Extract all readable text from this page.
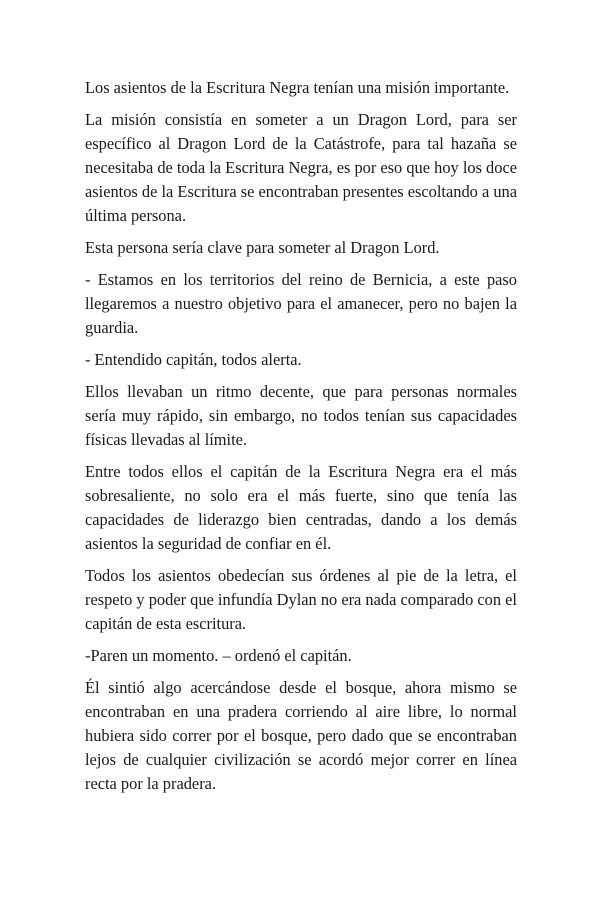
Los asientos de la Escritura Negra tenían una misión importante.

La misión consistía en someter a un Dragon Lord, para ser específico al Dragon Lord de la Catástrofe, para tal hazaña se necesitaba de toda la Escritura Negra, es por eso que hoy los doce asientos de la Escritura se encontraban presentes escoltando a una última persona.

Esta persona sería clave para someter al Dragon Lord.

- Estamos en los territorios del reino de Bernicia, a este paso llegaremos a nuestro objetivo para el amanecer, pero no bajen la guardia.

- Entendido capitán, todos alerta.

Ellos llevaban un ritmo decente, que para personas normales sería muy rápido, sin embargo, no todos tenían sus capacidades físicas llevadas al límite.

Entre todos ellos el capitán de la Escritura Negra era el más sobresaliente, no solo era el más fuerte, sino que tenía las capacidades de liderazgo bien centradas, dando a los demás asientos la seguridad de confiar en él.

Todos los asientos obedecían sus órdenes al pie de la letra, el respeto y poder que infundía Dylan no era nada comparado con el capitán de esta escritura.

-Paren un momento. – ordenó el capitán.

Él sintió algo acercándose desde el bosque, ahora mismo se encontraban en una pradera corriendo al aire libre, lo normal hubiera sido correr por el bosque, pero dado que se encontraban lejos de cualquier civilización se acordó mejor correr en línea recta por la pradera.
